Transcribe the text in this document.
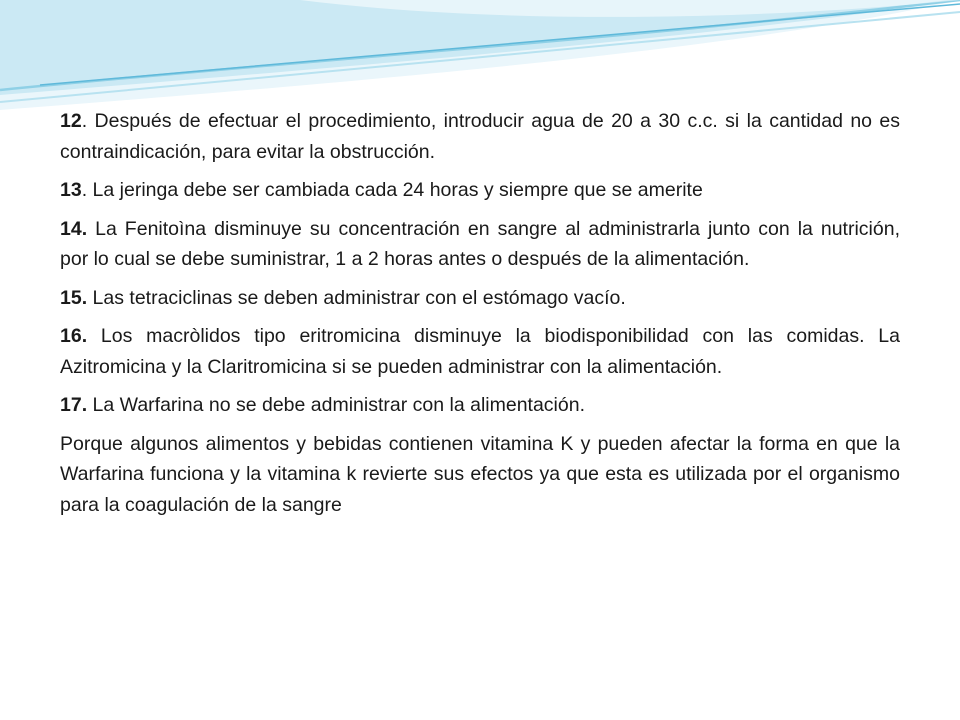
12. Después de efectuar el procedimiento, introducir agua de 20 a 30 c.c. si la cantidad no es contraindicación, para evitar la obstrucción.

13. La jeringa debe ser cambiada cada 24 horas y siempre que se amerite

14. La Fenitoìna disminuye su concentración en sangre al administrarla junto con la nutrición, por lo cual se debe suministrar, 1 a 2 horas antes o después de la alimentación.

15. Las tetraciclinas se deben administrar con el estómago vacío.

16. Los macròlidos tipo eritromicina disminuye la biodisponibilidad con las comidas. La Azitromicina y la Claritromicina si se pueden administrar con la alimentación.

17. La Warfarina no se debe administrar con la alimentación.

Porque algunos alimentos y bebidas contienen vitamina K y pueden afectar la forma en que la Warfarina funciona y la vitamina k revierte sus efectos ya que esta es utilizada por el organismo para la coagulación de la sangre
